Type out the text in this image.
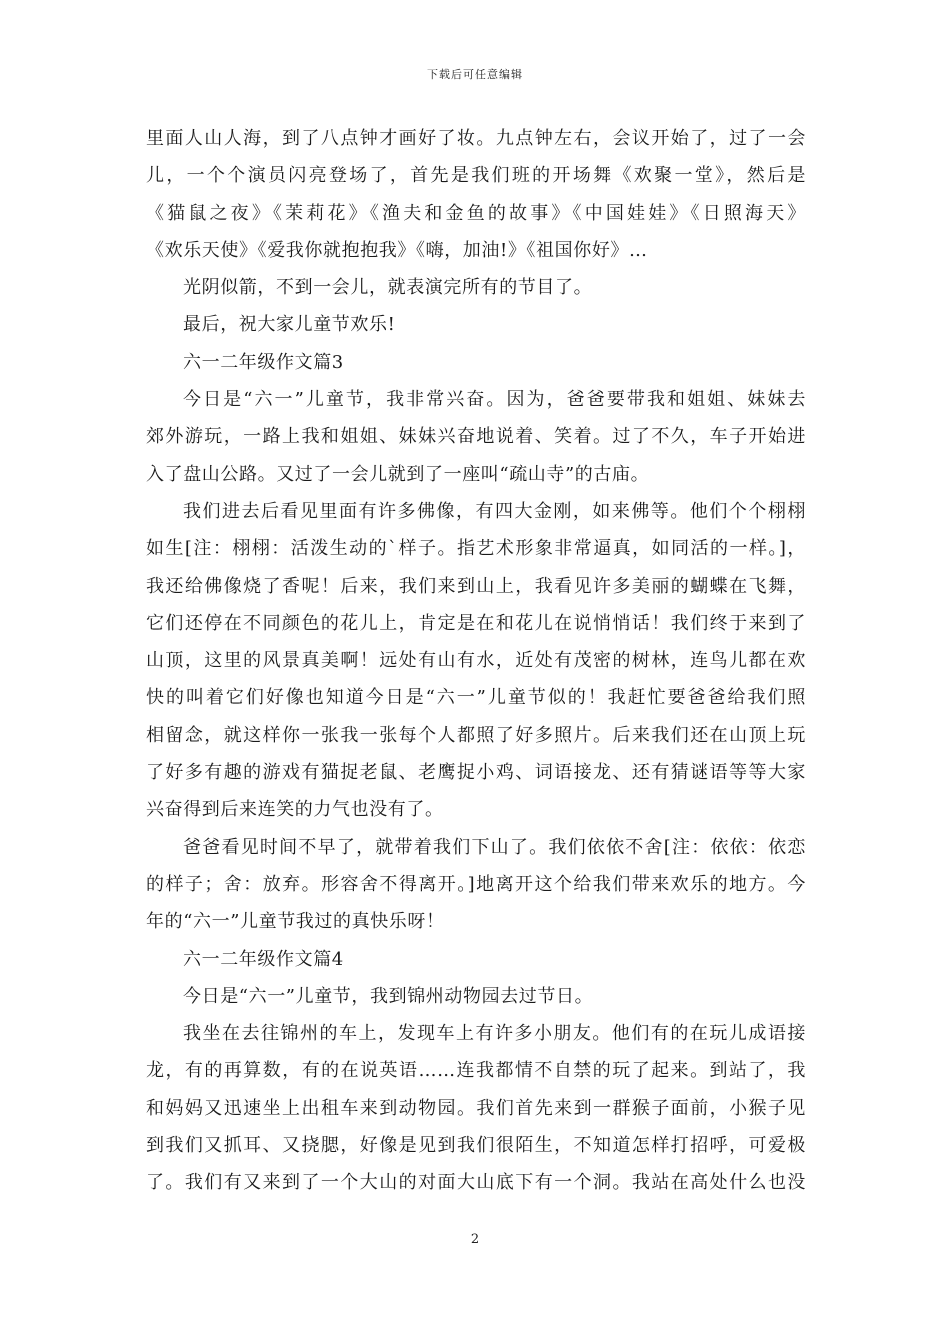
下载后可任意编辑
里面人山人海，到了八点钟才画好了妆。九点钟左右，会议开始了，过了一会
儿，一个个演员闪亮登场了，首先是我们班的开场舞《欢聚一堂》，然后是
《猫鼠之夜》《茉莉花》《渔夫和金鱼的故事》《中国娃娃》《日照海天》
《欢乐天使》《爱我你就抱抱我》《嗨，加油!》《祖国你好》…
光阴似箭，不到一会儿，就表演完所有的节目了。
最后，祝大家儿童节欢乐!
六一二年级作文篇3
今日是“六一”儿童节，我非常兴奋。因为，爸爸要带我和姐姐、妹妹去
郊外游玩，一路上我和姐姐、妹妹兴奋地说着、笑着。过了不久，车子开始进
入了盘山公路。又过了一会儿就到了一座叫“疏山寺”的古庙。
我们进去后看见里面有许多佛像，有四大金刚，如来佛等。他们个个栩栩
如生[注：栩栩：活泼生动的`样子。指艺术形象非常逼真，如同活的一样。]，
我还给佛像烧了香呢！后来，我们来到山上，我看见许多美丽的蝴蝶在飞舞，
它们还停在不同颜色的花儿上，肯定是在和花儿在说悄悄话！我们终于来到了
山顶，这里的风景真美啊！远处有山有水，近处有茂密的树林，连鸟儿都在欢
快的叫着它们好像也知道今日是“六一”儿童节似的！我赶忙要爸爸给我们照
相留念，就这样你一张我一张每个人都照了好多照片。后来我们还在山顶上玩
了好多有趣的游戏有猫捉老鼠、老鹰捉小鸡、词语接龙、还有猜谜语等等大家
兴奋得到后来连笑的力气也没有了。
爸爸看见时间不早了，就带着我们下山了。我们依依不舍[注：依依：依恋
的样子；舍：放弃。形容舍不得离开。]地离开这个给我们带来欢乐的地方。今
年的“六一”儿童节我过的真快乐呀！
六一二年级作文篇4
今日是“六一”儿童节，我到锦州动物园去过节日。
我坐在去往锦州的车上，发现车上有许多小朋友。他们有的在玩儿成语接
龙，有的再算数，有的在说英语……连我都情不自禁的玩了起来。到站了，我
和妈妈又迅速坐上出租车来到动物园。我们首先来到一群猴子面前，小猴子见
到我们又抓耳、又挠腮，好像是见到我们很陌生，不知道怎样打招呼，可爱极
了。我们有又来到了一个大山的对面大山底下有一个洞。我站在高处什么也没
2
